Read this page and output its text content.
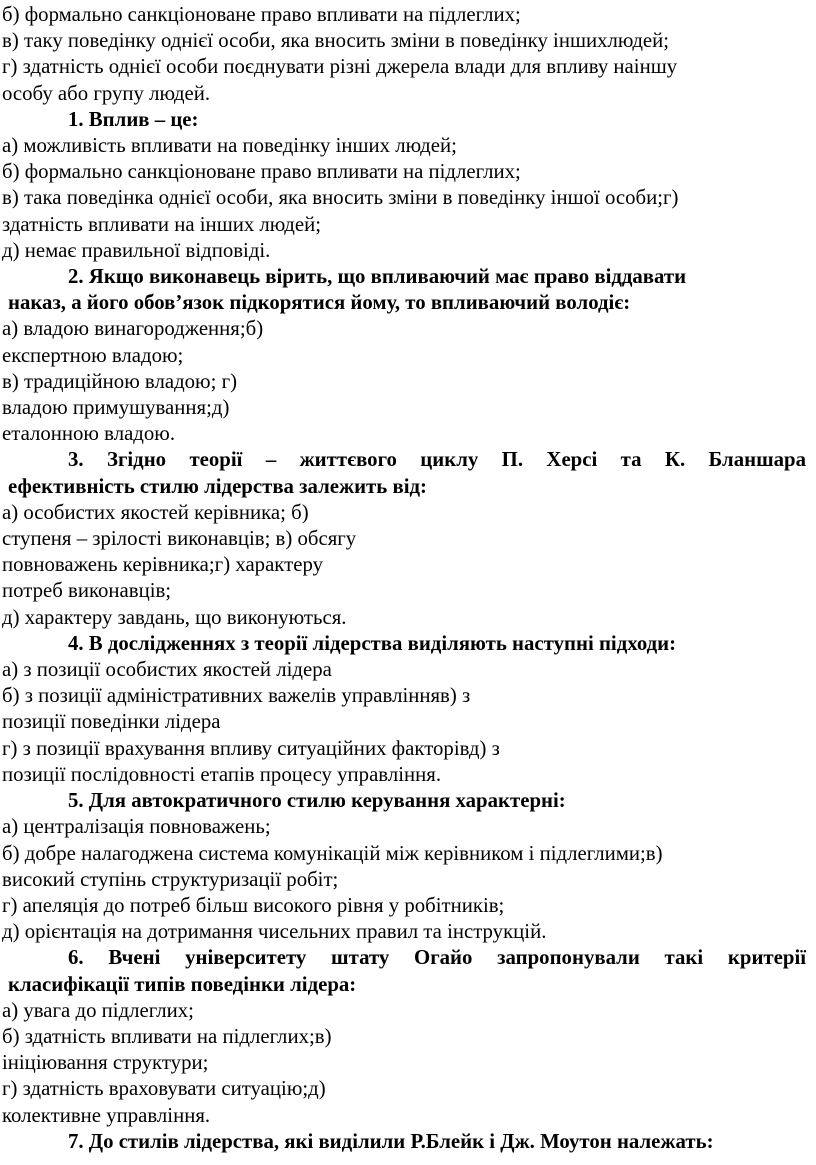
б) формально санкціоноване право впливати на підлеглих;
в) таку поведінку однієї особи, яка вносить зміни в поведінку іншихлюдей;
г) здатність однієї особи поєднувати різні джерела влади для впливу наіншу
особу або групу людей.
1. Вплив – це:
а) можливість впливати на поведінку інших людей;
б) формально санкціоноване право впливати на підлеглих;
в) така поведінка однієї особи, яка вносить зміни в поведінку іншої особи;г)
здатність впливати на інших людей;
д) немає правильної відповіді.
2. Якщо виконавець вірить, що впливаючий має право віддавати
наказ, а його обов’язок підкорятися йому, то впливаючий володіє:
а) владою винагородження;б)
експертною владою;
в) традиційною владою; г)
владою примушування;д)
еталонною владою.
3. Згідно теорії – життєвого циклу П. Херсі та К. Бланшара
ефективність стилю лідерства залежить від:
а) особистих якостей керівника; б)
ступеня – зрілості виконавців; в) обсягу
повноважень керівника;г) характеру
потреб виконавців;
д) характеру завдань, що виконуються.
4. В дослідженнях з теорії лідерства виділяють наступні підходи:
а) з позиції особистих якостей лідера
б) з позиції адміністративних важелів управлінняв) з
позиції поведінки лідера
г) з позиції врахування впливу ситуаційних факторівд) з
позиції послідовності етапів процесу управління.
5. Для автократичного стилю керування характерні:
а) централізація повноважень;
б) добре налагоджена система комунікацій між керівником і підлеглими;в)
високий ступінь структуризації робіт;
г) апеляція до потреб більш високого рівня у робітників;
д) орієнтація на дотримання чисельних правил та інструкцій.
6. Вчені університету штату Огайо запропонували такі критерії
класифікації типів поведінки лідера:
а) увага до підлеглих;
б) здатність впливати на підлеглих;в)
ініціювання структури;
г) здатність враховувати ситуацію;д)
колективне управління.
7. До стилів лідерства, які виділили Р.Блейк і Дж. Моутон належать:
